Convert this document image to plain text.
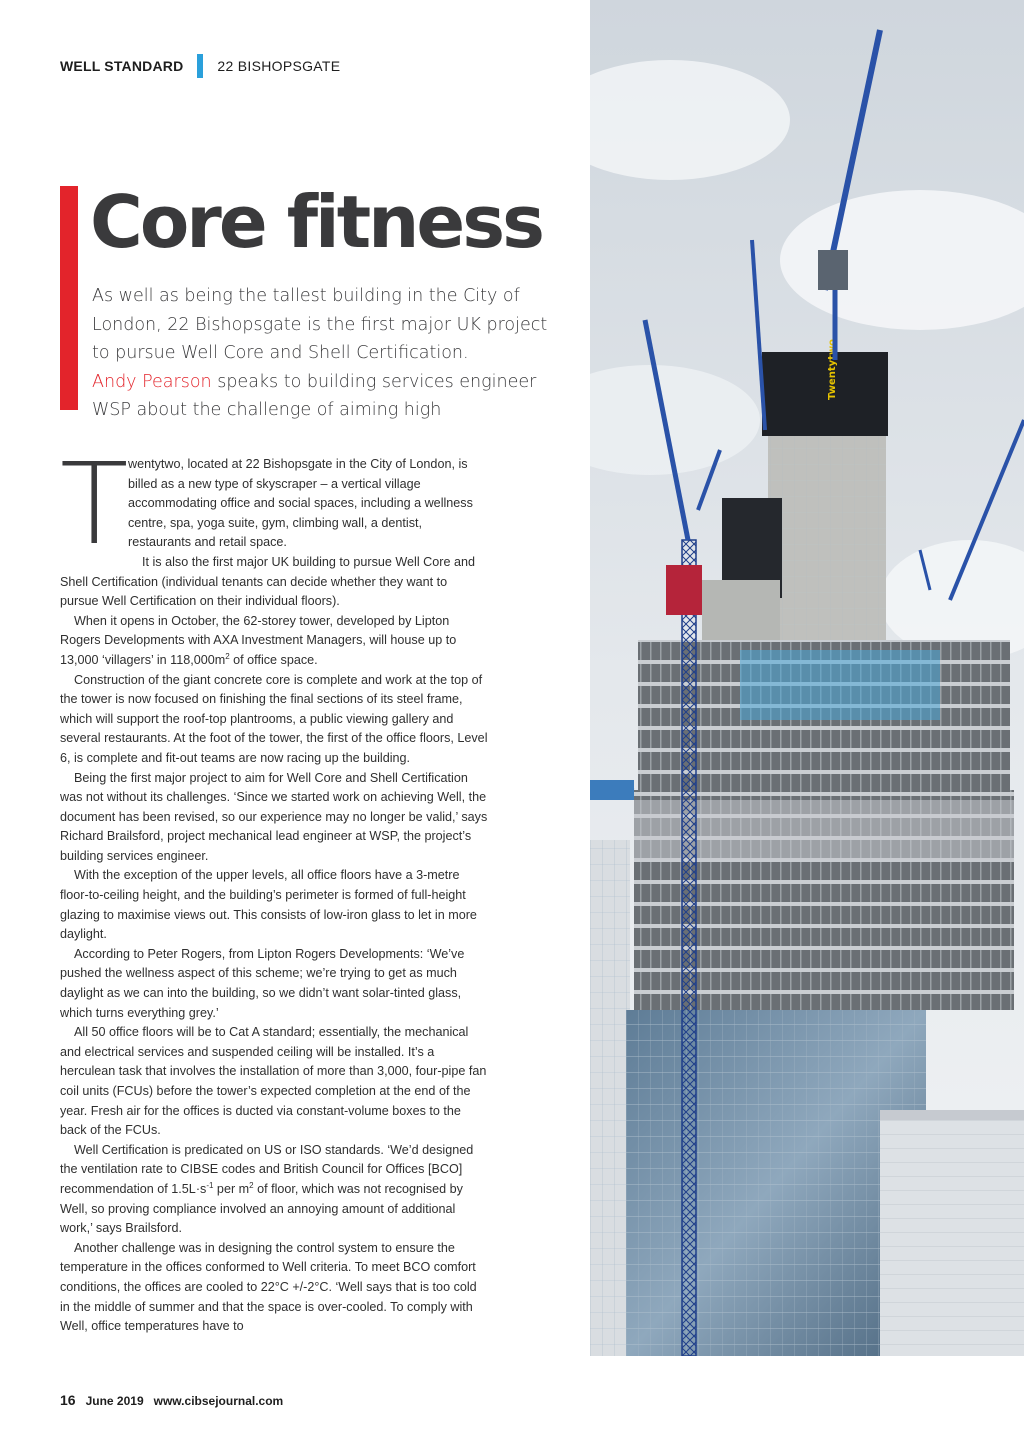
WELL STANDARD 22 BISHOPSGATE
Core fitness

As well as being the tallest building in the City of London, 22 Bishopsgate is the first major UK project to pursue Well Core and Shell Certification.
Andy Pearson speaks to building services engineer WSP about the challenge of aiming high

Twentytwo, located at 22 Bishopsgate in the City of London, is billed as a new type of skyscraper – a vertical village accommodating office and social spaces, including a wellness centre, spa, yoga suite, gym, climbing wall, a dentist, restaurants and retail space.

It is also the first major UK building to pursue Well Core and Shell Certification (individual tenants can decide whether they want to pursue Well Certification on their individual floors).

When it opens in October, the 62-storey tower, developed by Lipton Rogers Developments with AXA Investment Managers, will house up to 13,000 ‘villagers’ in $118,000m^2$ of office space.

Construction of the giant concrete core is complete and work at the top of the tower is now focused on finishing the final sections of its steel frame, which will support the roof-top plantrooms, a public viewing gallery and several restaurants. At the foot of the tower, the first of the office floors, Level 6, is complete and fit-out teams are now racing up the building.

Being the first major project to aim for Well Core and Shell Certification was not without its challenges. ‘Since we started work on achieving Well, the document has been revised, so our experience may no longer be valid,’ says Richard Brailsford, project mechanical lead engineer at WSP, the project’s building services engineer.

With the exception of the upper levels, all office floors have a 3-metre floor-to-ceiling height, and the building’s perimeter is formed of full-height glazing to maximise views out. This consists of low-iron glass to let in more daylight.

According to Peter Rogers, from Lipton Rogers Developments: ‘We’ve pushed the wellness aspect of this scheme; we’re trying to get as much daylight as we can into the building, so we didn’t want solar-tinted glass, which turns everything grey.’

All 50 office floors will be to Cat A standard; essentially, the mechanical and electrical services and suspended ceiling will be installed. It’s a herculean task that involves the installation of more than 3,000, four-pipe fan coil units (FCUs) before the tower’s expected completion at the end of the year. Fresh air for the offices is ducted via constant-volume boxes to the back of the FCUs.

Well Certification is predicated on US or ISO standards. ‘We’d designed the ventilation rate to CIBSE codes and British Council for Offices [BCO] recommendation of $1.5L\cdot s^{-1}$ per $m^2$ of floor, which was not recognised by Well, so proving compliance involved an annoying amount of additional work,’ says Brailsford.

Another challenge was in designing the control system to ensure the temperature in the offices conformed to Well criteria. To meet BCO comfort conditions, the offices are cooled to 22°C +/-2°C. ‘Well says that is too cold in the middle of summer and that the space is over-cooled. To comply with Well, office temperatures have to

16 June 2019 www.cibsejournal.com
Twentytwo
